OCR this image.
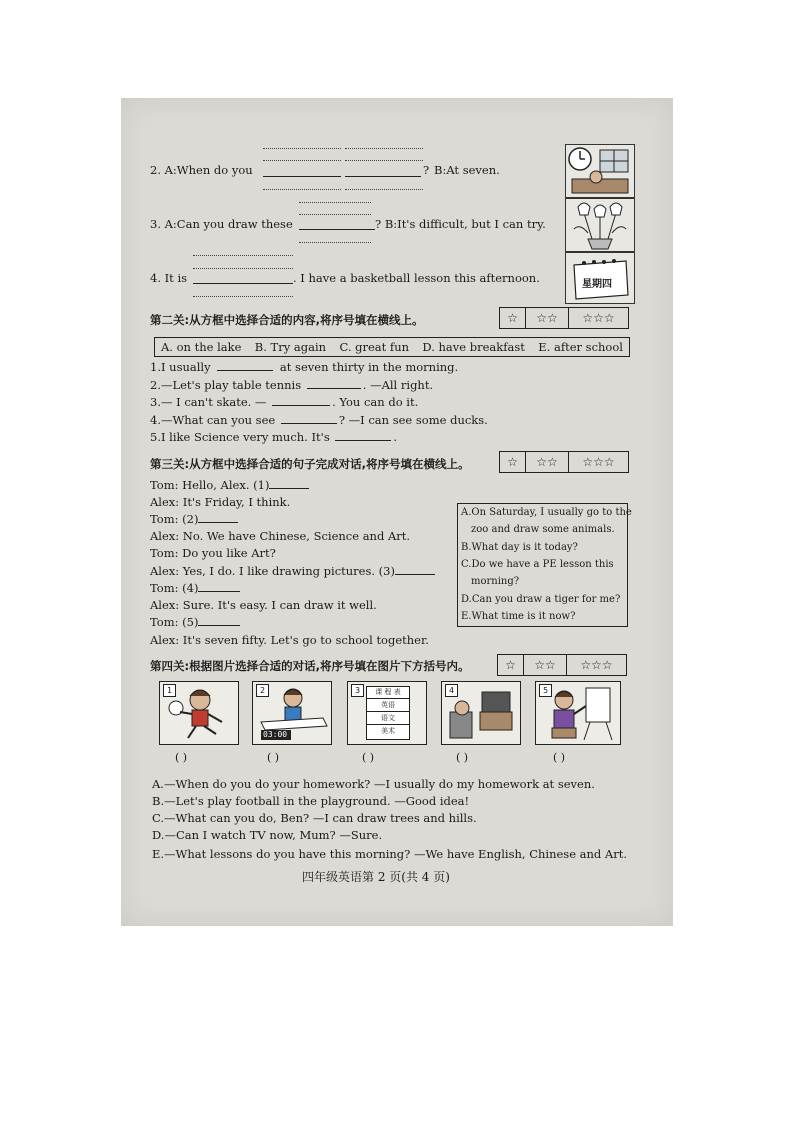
2. A:When do you	? B:At seven.
3. A:Can you draw these	? B:It's difficult, but I can try.
4. It is	. I have a basketball lesson this afternoon.	星期四
第二关:从方框中选择合适的内容,将序号填在横线上。	☆	☆☆	☆☆☆
A. on the lake B. Try again C. great fun D. have breakfast E. after school
1.I usually	at seven thirty in the morning.
2.—Let's play table tennis	. —All right.
3.— I can't skate. —	. You can do it.
4.—What can you see	? —I can see some ducks.
5.I like Science very much. It's	.
第三关:从方框中选择合适的句子完成对话,将序号填在横线上。	☆	☆☆	☆☆☆
Tom: Hello, Alex. (1)
Alex: It's Friday, I think.
Tom: (2)
Alex: No. We have Chinese, Science and Art.
Tom: Do you like Art?
Alex: Yes, I do. I like drawing pictures. (3)
Tom: (4)
Alex: Sure. It's easy. I can draw it well.
Tom: (5)
Alex: It's seven fifty. Let's go to school together.
A.On Saturday, I usually go to the
zoo and draw some animals.
B.What day is it today?
C.Do we have a PE lesson this
morning?
D.Can you draw a tiger for me?
E.What time is it now?
第四关:根据图片选择合适的对话,将序号填在图片下方括号内。	☆	☆☆	☆☆☆
1	2
03:00
3	课 程 表
英语
语文
美术
4	5
( )	( )	( )	( )	( )
A.—When do you do your homework? —I usually do my homework at seven.
B.—Let's play football in the playground. —Good idea!
C.—What can you do, Ben? —I can draw trees and hills.
D.—Can I watch TV now, Mum? —Sure.
E.—What lessons do you have this morning? —We have English, Chinese and Art.
四年级英语第 2 页(共 4 页)
